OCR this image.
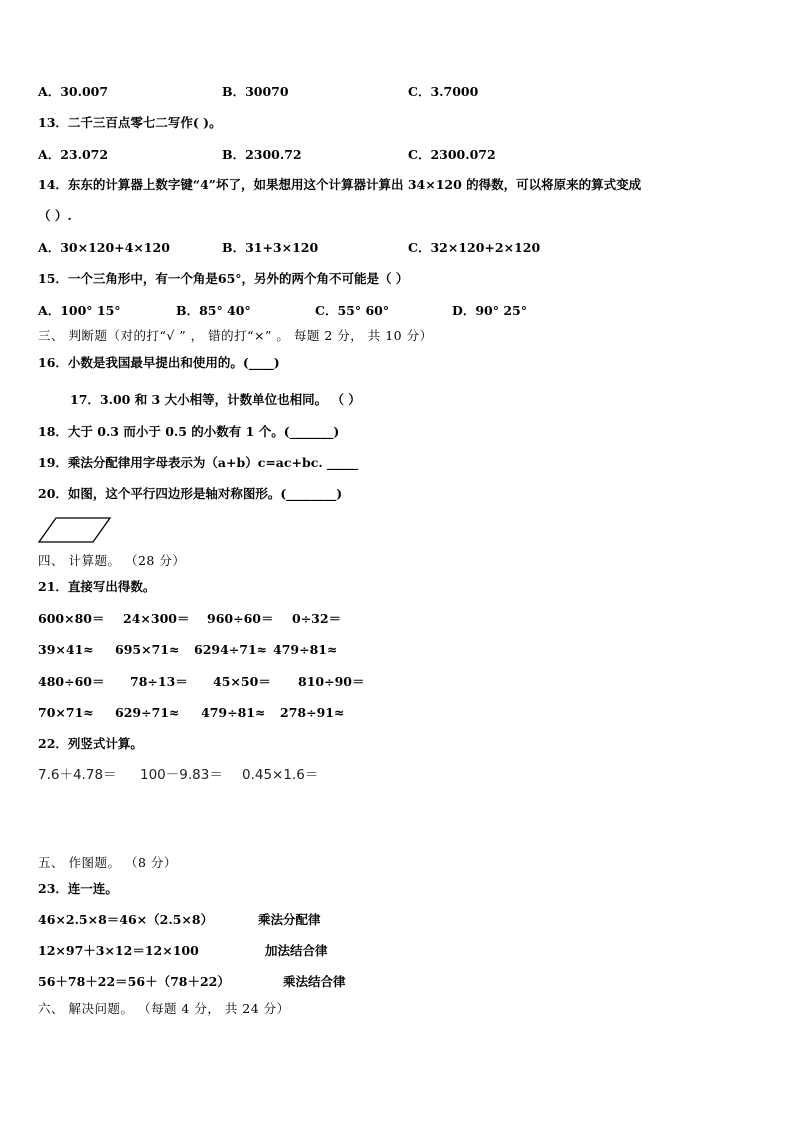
A．30.007	B．30070	C．3.7000
13．二千三百点零七二写作( )。
A．23.072	B．2300.72	C．2300.072
14．东东的计算器上数字键“4”坏了，如果想用这个计算器计算出 34×120 的得数，可以将原来的算式变成
（ ）.
A．30×120+4×120	B．31+3×120	C．32×120+2×120
15．一个三角形中，有一个角是65°，另外的两个角不可能是（ ）
A．100° 15°	B．85° 40°	C．55° 60°	D．90° 25°
三、 判断题（对的打“√ ” ， 错的打“×” 。 每题 2 分， 共 10 分）
16．小数是我国最早提出和使用的。(____)
17．3.00 和 3 大小相等，计数单位也相同。 （ ）
18．大于 0.3 而小于 0.5 的小数有 1 个。(_______)
19．乘法分配律用字母表示为（a+b）c=ac+bc. _____
20．如图，这个平行四边形是轴对称图形。(________)
四、 计算题。 （28 分）
21．直接写出得数。
600×80＝ 24×300＝ 960÷60＝ 0÷32＝
39×41≈ 695×71≈ 6294÷71≈ 479÷81≈
480÷60＝ 78÷13＝ 45×50＝ 810÷90＝
70×71≈ 629÷71≈ 479÷81≈ 278÷91≈
22．列竖式计算。
7.6＋4.78＝ 100－9.83＝ 0.45×1.6＝
五、 作图题。 （8 分）
23．连一连。
46×2.5×8＝46×（2.5×8）
12×97＋3×12＝12×100
56＋78＋22＝56＋（78＋22）
乘法分配律
加法结合律
乘法结合律
六、 解决问题。 （每题 4 分， 共 24 分）
